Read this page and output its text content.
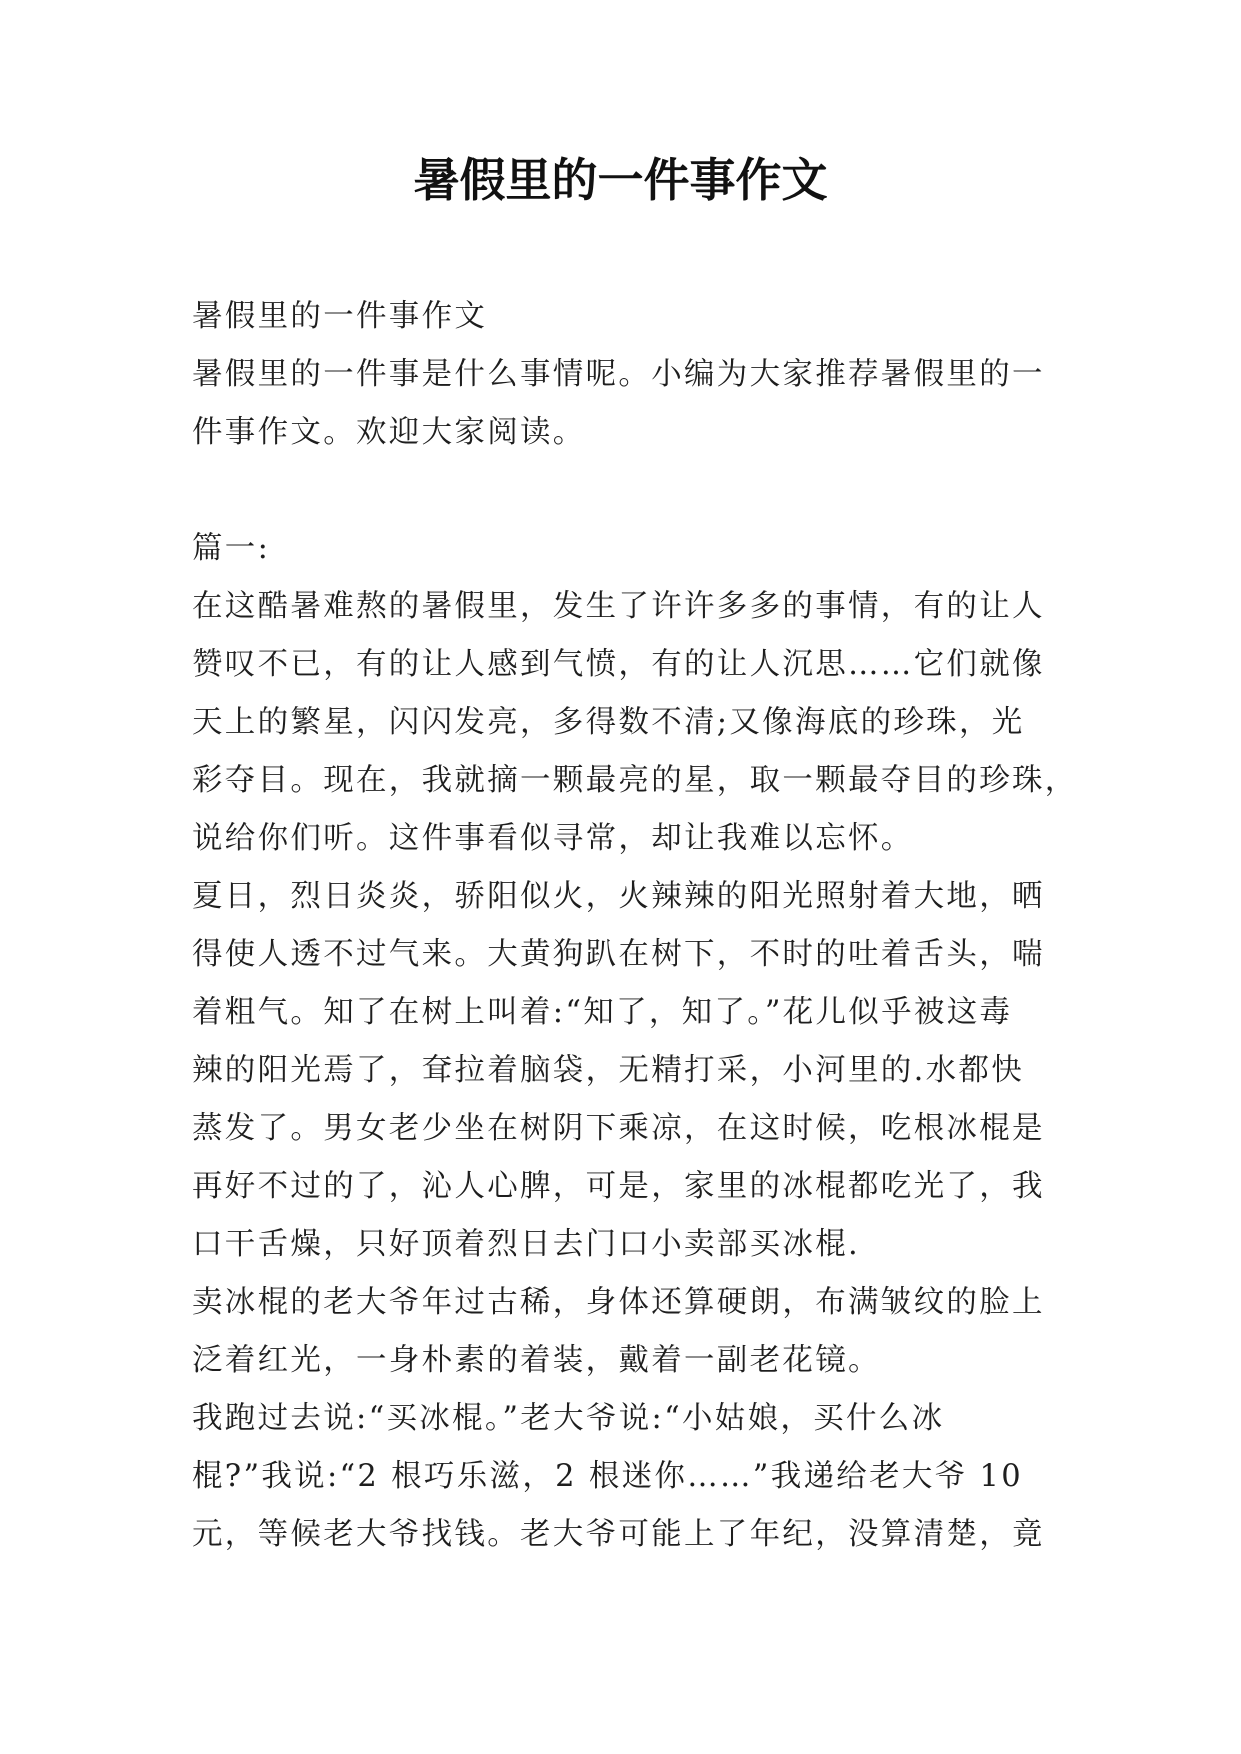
暑假里的一件事作文
暑假里的一件事作文
暑假里的一件事是什么事情呢。小编为大家推荐暑假里的一
件事作文。欢迎大家阅读。
篇一:
在这酷暑难熬的暑假里，发生了许许多多的事情，有的让人
赞叹不已，有的让人感到气愤，有的让人沉思……它们就像
天上的繁星，闪闪发亮，多得数不清;又像海底的珍珠，光
彩夺目。现在，我就摘一颗最亮的星，取一颗最夺目的珍珠，
说给你们听。这件事看似寻常，却让我难以忘怀。
夏日，烈日炎炎，骄阳似火，火辣辣的阳光照射着大地，晒
得使人透不过气来。大黄狗趴在树下，不时的吐着舌头，喘
着粗气。知了在树上叫着:“知了，知了。”花儿似乎被这毒
辣的阳光焉了，耷拉着脑袋，无精打采，小河里的.水都快
蒸发了。男女老少坐在树阴下乘凉，在这时候，吃根冰棍是
再好不过的了，沁人心脾，可是，家里的冰棍都吃光了，我
口干舌燥，只好顶着烈日去门口小卖部买冰棍.
卖冰棍的老大爷年过古稀，身体还算硬朗，布满皱纹的脸上
泛着红光，一身朴素的着装，戴着一副老花镜。
我跑过去说:“买冰棍。”老大爷说:“小姑娘，买什么冰
棍?”我说:“2 根巧乐滋，2 根迷你……”我递给老大爷 10
元，等候老大爷找钱。老大爷可能上了年纪，没算清楚，竟
